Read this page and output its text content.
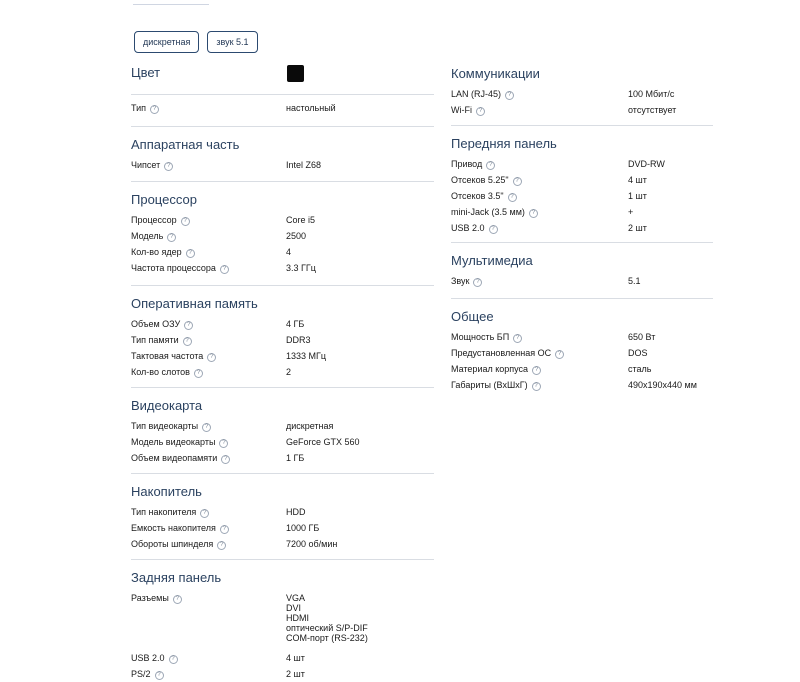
дискретная	звук 5.1
Цвет
Тип ?	настольный
Аппаратная часть
Чипсет ?	Intel Z68
Процессор
Процессор ?	Core i5
Модель ?	2500
Кол-во ядер ?	4
Частота процессора ?	3.3 ГГц
Оперативная память
Объем ОЗУ ?	4 ГБ
Тип памяти ?	DDR3
Тактовая частота ?	1333 МГц
Кол-во слотов ?	2
Видеокарта
Тип видеокарты ?	дискретная
Модель видеокарты ?	GeForce GTX 560
Объем видеопамяти ?	1 ГБ
Накопитель
Тип накопителя ?	HDD
Емкость накопителя ?	1000 ГБ
Обороты шпинделя ?	7200 об/мин
Задняя панель
Разъемы ?	VGA
DVI
HDMI
оптический S/P-DIF
COM-порт (RS-232)
USB 2.0 ?	4 шт
PS/2 ?	2 шт
Коммуникации
LAN (RJ-45) ?	100 Мбит/с
Wi-Fi ?	отсутствует
Передняя панель
Привод ?	DVD-RW
Отсеков 5.25" ?	4 шт
Отсеков 3.5" ?	1 шт
mini-Jack (3.5 мм) ?	+
USB 2.0 ?	2 шт
Мультимедиа
Звук ?	5.1
Общее
Мощность БП ?	650 Вт
Предустановленная ОС ?	DOS
Материал корпуса ?	сталь
Габариты (ВxШxГ) ?	490x190x440 мм
